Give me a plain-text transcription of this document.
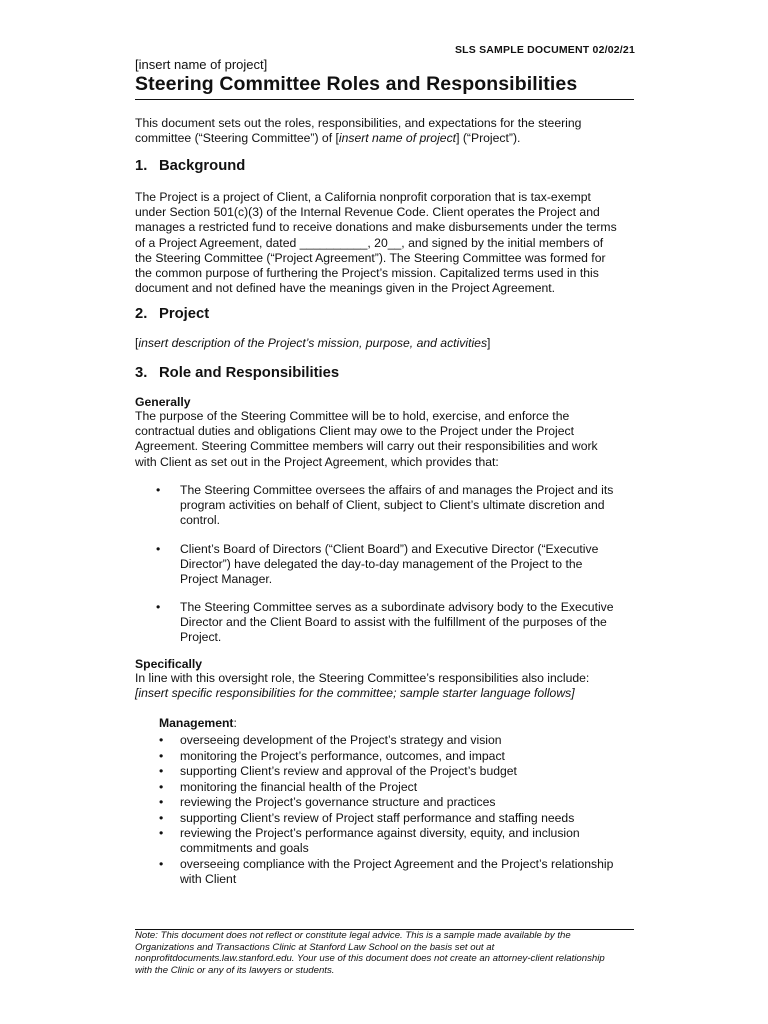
SLS SAMPLE DOCUMENT 02/02/21
[insert name of project]
Steering Committee Roles and Responsibilities
This document sets out the roles, responsibilities, and expectations for the steering
committee (“Steering Committee”) of [insert name of project] (“Project”).
1. Background
The Project is a project of Client, a California nonprofit corporation that is tax-exempt
under Section 501(c)(3) of the Internal Revenue Code. Client operates the Project and
manages a restricted fund to receive donations and make disbursements under the terms
of a Project Agreement, dated __________, 20__, and signed by the initial members of
the Steering Committee (“Project Agreement”). The Steering Committee was formed for
the common purpose of furthering the Project’s mission. Capitalized terms used in this
document and not defined have the meanings given in the Project Agreement.
2. Project
[insert description of the Project’s mission, purpose, and activities]
3. Role and Responsibilities
Generally
The purpose of the Steering Committee will be to hold, exercise, and enforce the
contractual duties and obligations Client may owe to the Project under the Project
Agreement. Steering Committee members will carry out their responsibilities and work
with Client as set out in the Project Agreement, which provides that:
•	The Steering Committee oversees the affairs of and manages the Project and its
program activities on behalf of Client, subject to Client’s ultimate discretion and
control.
•	Client’s Board of Directors (“Client Board”) and Executive Director (“Executive
Director”) have delegated the day-to-day management of the Project to the
Project Manager.
•	The Steering Committee serves as a subordinate advisory body to the Executive
Director and the Client Board to assist with the fulfillment of the purposes of the
Project.
Specifically
In line with this oversight role, the Steering Committee’s responsibilities also include:
[insert specific responsibilities for the committee; sample starter language follows]
Management:
• overseeing development of the Project’s strategy and vision
• monitoring the Project’s performance, outcomes, and impact
• supporting Client’s review and approval of the Project’s budget
• monitoring the financial health of the Project
• reviewing the Project’s governance structure and practices
• supporting Client’s review of Project staff performance and staffing needs
• reviewing the Project’s performance against diversity, equity, and inclusion
commitments and goals
• overseeing compliance with the Project Agreement and the Project’s relationship
with Client
Note: This document does not reflect or constitute legal advice. This is a sample made available by the
Organizations and Transactions Clinic at Stanford Law School on the basis set out at
nonprofitdocuments.law.stanford.edu. Your use of this document does not create an attorney-client relationship
with the Clinic or any of its lawyers or students.
